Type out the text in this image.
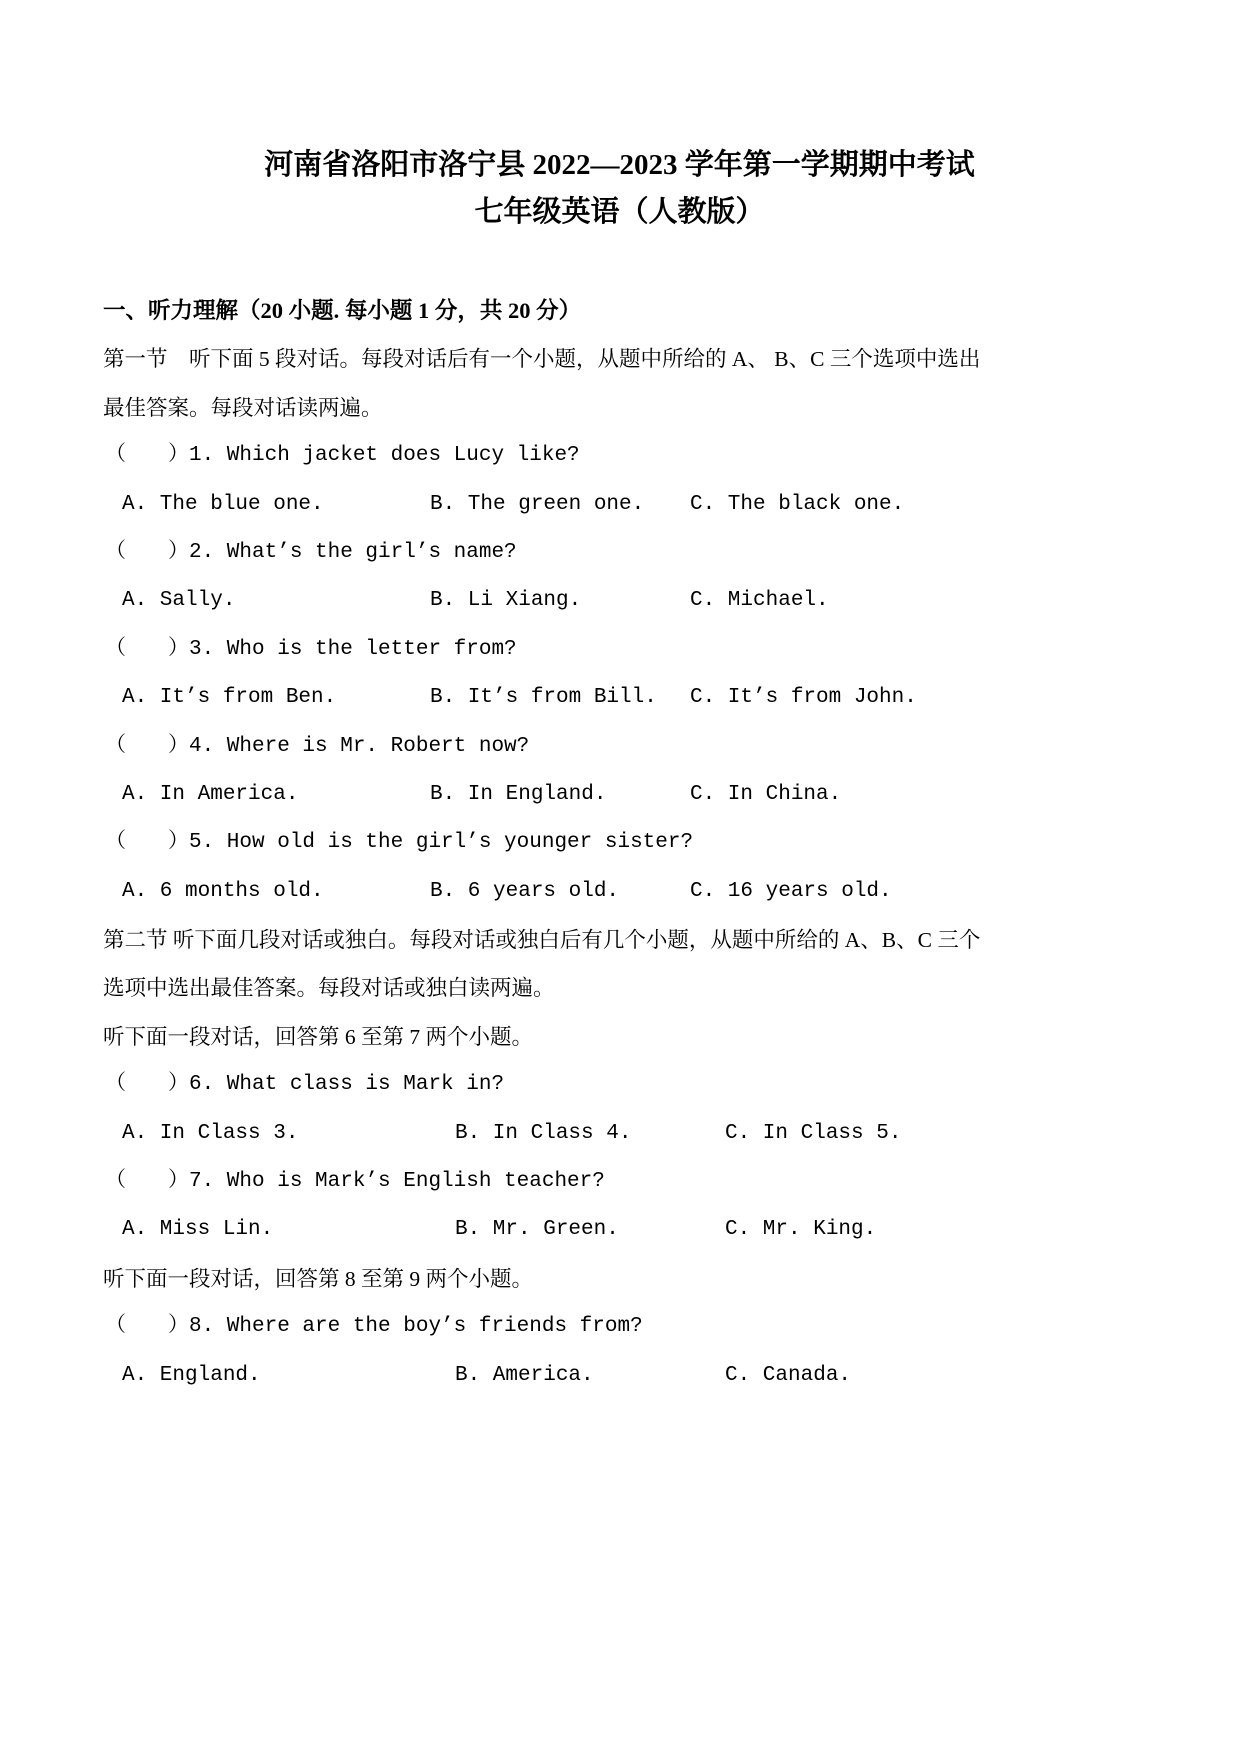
河南省洛阳市洛宁县 2022—2023 学年第一学期期中考试
七年级英语（人教版）
一、听力理解（20 小题. 每小题 1 分，共 20 分）
第一节　听下面 5 段对话。每段对话后有一个小题，从题中所给的 A、 B、C 三个选项中选出
最佳答案。每段对话读两遍。
（　　）1. Which jacket does Lucy like?
A. The blue one.	B. The green one. C. The black one.
（　　）2. What’s the girl’s name?
A. Sally.	B. Li Xiang.	C. Michael.
（　　）3. Who is the letter from?
A. It’s from Ben.	B. It’s from Bill. C. It’s from John.
（　　）4. Where is Mr. Robert now?
A. In America.	B. In England.	C. In China.
（　　）5. How old is the girl’s younger sister?
A. 6 months old.	B. 6 years old.	C. 16 years old.
第二节 听下面几段对话或独白。每段对话或独白后有几个小题，从题中所给的 A、B、C 三个
选项中选出最佳答案。每段对话或独白读两遍。
听下面一段对话，回答第 6 至第 7 两个小题。
（　　）6. What class is Mark in?
A. In Class 3.	B. In Class 4.	C. In Class 5.
（　　）7. Who is Mark’s English teacher?
A. Miss Lin.	B. Mr. Green.	C. Mr. King.
听下面一段对话，回答第 8 至第 9 两个小题。
（　　）8. Where are the boy’s friends from?
A. England.	B. America.	C. Canada.
